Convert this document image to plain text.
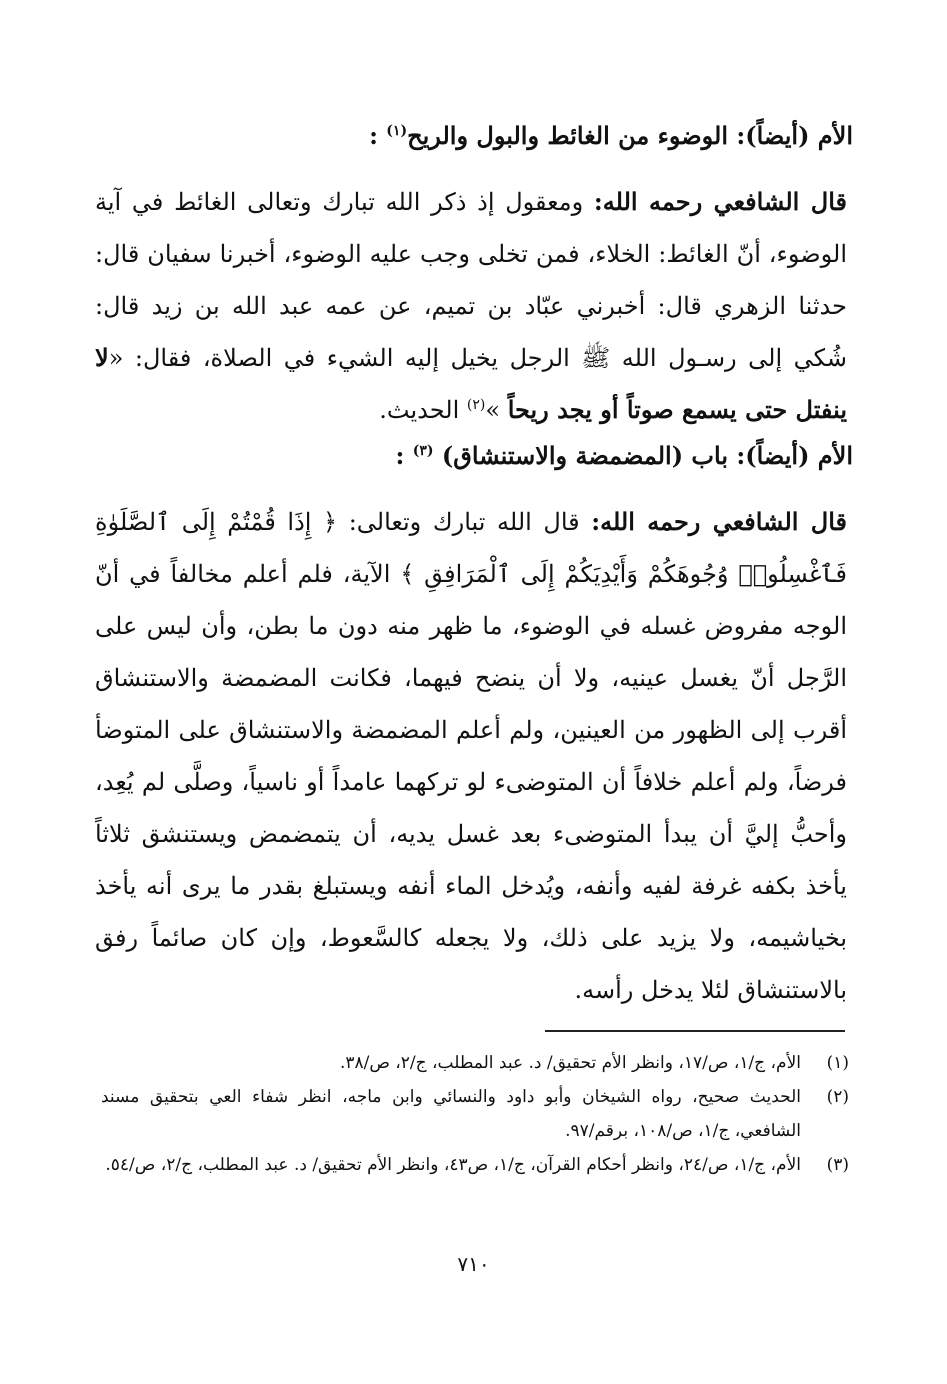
الأم (أيضاً): الوضوء من الغائط والبول والريح$^{(١)}$ :
قال الشافعي رحمه الله: ومعقول إذ ذكر الله تبارك وتعالى الغائط في آية الوضوء، أنّ الغائط: الخلاء، فمن تخلى وجب عليه الوضوء، أخبرنا سفيان قال: حدثنا الزهري قال: أخبرني عبّاد بن تميم، عن عمه عبد الله بن زيد قال: شُكي إلى رسـول الله ﷺ الرجل يخيل إليه الشيء في الصلاة، فقال: «لا ينفتل حتى يسمع صوتاً أو يجد ريحاً »$^{(٢)}$ الحديث.
الأم (أيضاً): باب (المضمضة والاستنشاق) $^{(٣)}$ :
قال الشافعي رحمه الله: قال الله تبارك وتعالى: ﴿ إِذَا قُمْتُمْ إِلَى ٱلصَّلَوٰةِ فَٱغْسِلُوا۟ وُجُوهَكُمْ وَأَيْدِيَكُمْ إِلَى ٱلْمَرَافِقِ ﴾ الآية، فلم أعلم مخالفاً في أنّ الوجه مفروض غسله في الوضوء، ما ظهر منه دون ما بطن، وأن ليس على الرَّجل أنّ يغسل عينيه، ولا أن ينضح فيهما، فكانت المضمضة والاستنشاق أقرب إلى الظهور من العينين، ولم أعلم المضمضة والاستنشاق على المتوضأ فرضاً، ولم أعلم خلافاً أن المتوضىء لو تركهما عامداً أو ناسياً، وصلَّى لم يُعِد، وأحبُّ إليَّ أن يبدأ المتوضىء بعد غسل يديه، أن يتمضمض ويستنشق ثلاثاً يأخذ بكفه غرفة لفيه وأنفه، ويُدخل الماء أنفه ويستبلغ بقدر ما يرى أنه يأخذ بخياشيمه، ولا يزيد على ذلك، ولا يجعله كالسَّعوط، وإن كان صائماً رفق بالاستنشاق لئلا يدخل رأسه.
(١)
الأم، ج/١، ص/١٧، وانظر الأم تحقيق/ د. عبد المطلب، ج/٢، ص/٣٨.
(٢)
الحديث صحيح، رواه الشيخان وأبو داود والنسائي وابن ماجه، انظر شفاء العي بتحقيق مسند الشافعي، ج/١، ص/١٠٨، برقم/٩٧.
(٣)
الأم، ج/١، ص/٢٤، وانظر أحكام القرآن، ج/١، ص٤٣، وانظر الأم تحقيق/ د. عبد المطلب، ج/٢، ص/٥٤.
٧١٠
